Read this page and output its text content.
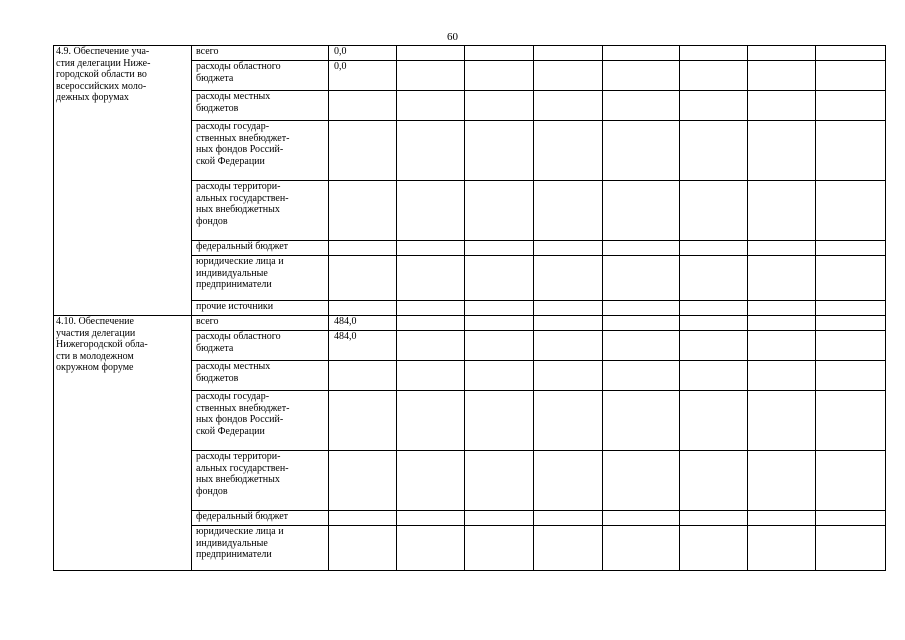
60
4.9. Обеспечение уча-
стия делегации Ниже-
городской области во
всероссийских моло-
дежных форумах	всего	0,0							
	расходы областного
бюджета	0,0							
	расходы местных
бюджетов								
	расходы государ-
ственных внебюджет-
ных фондов Россий-
ской Федерации								
	расходы территори-
альных государствен-
ных внебюджетных
фондов								
	федеральный бюджет								
	юридические лица и
индивидуальные
предприниматели								
	прочие источники								
4.10. Обеспечение
участия делегации
Нижегородской обла-
сти в молодежном
окружном форуме	всего	484,0							
	расходы областного
бюджета	484,0							
	расходы местных
бюджетов								
	расходы государ-
ственных внебюджет-
ных фондов Россий-
ской Федерации								
	расходы территори-
альных государствен-
ных внебюджетных
фондов								
	федеральный бюджет								
	юридические лица и
индивидуальные
предприниматели								
